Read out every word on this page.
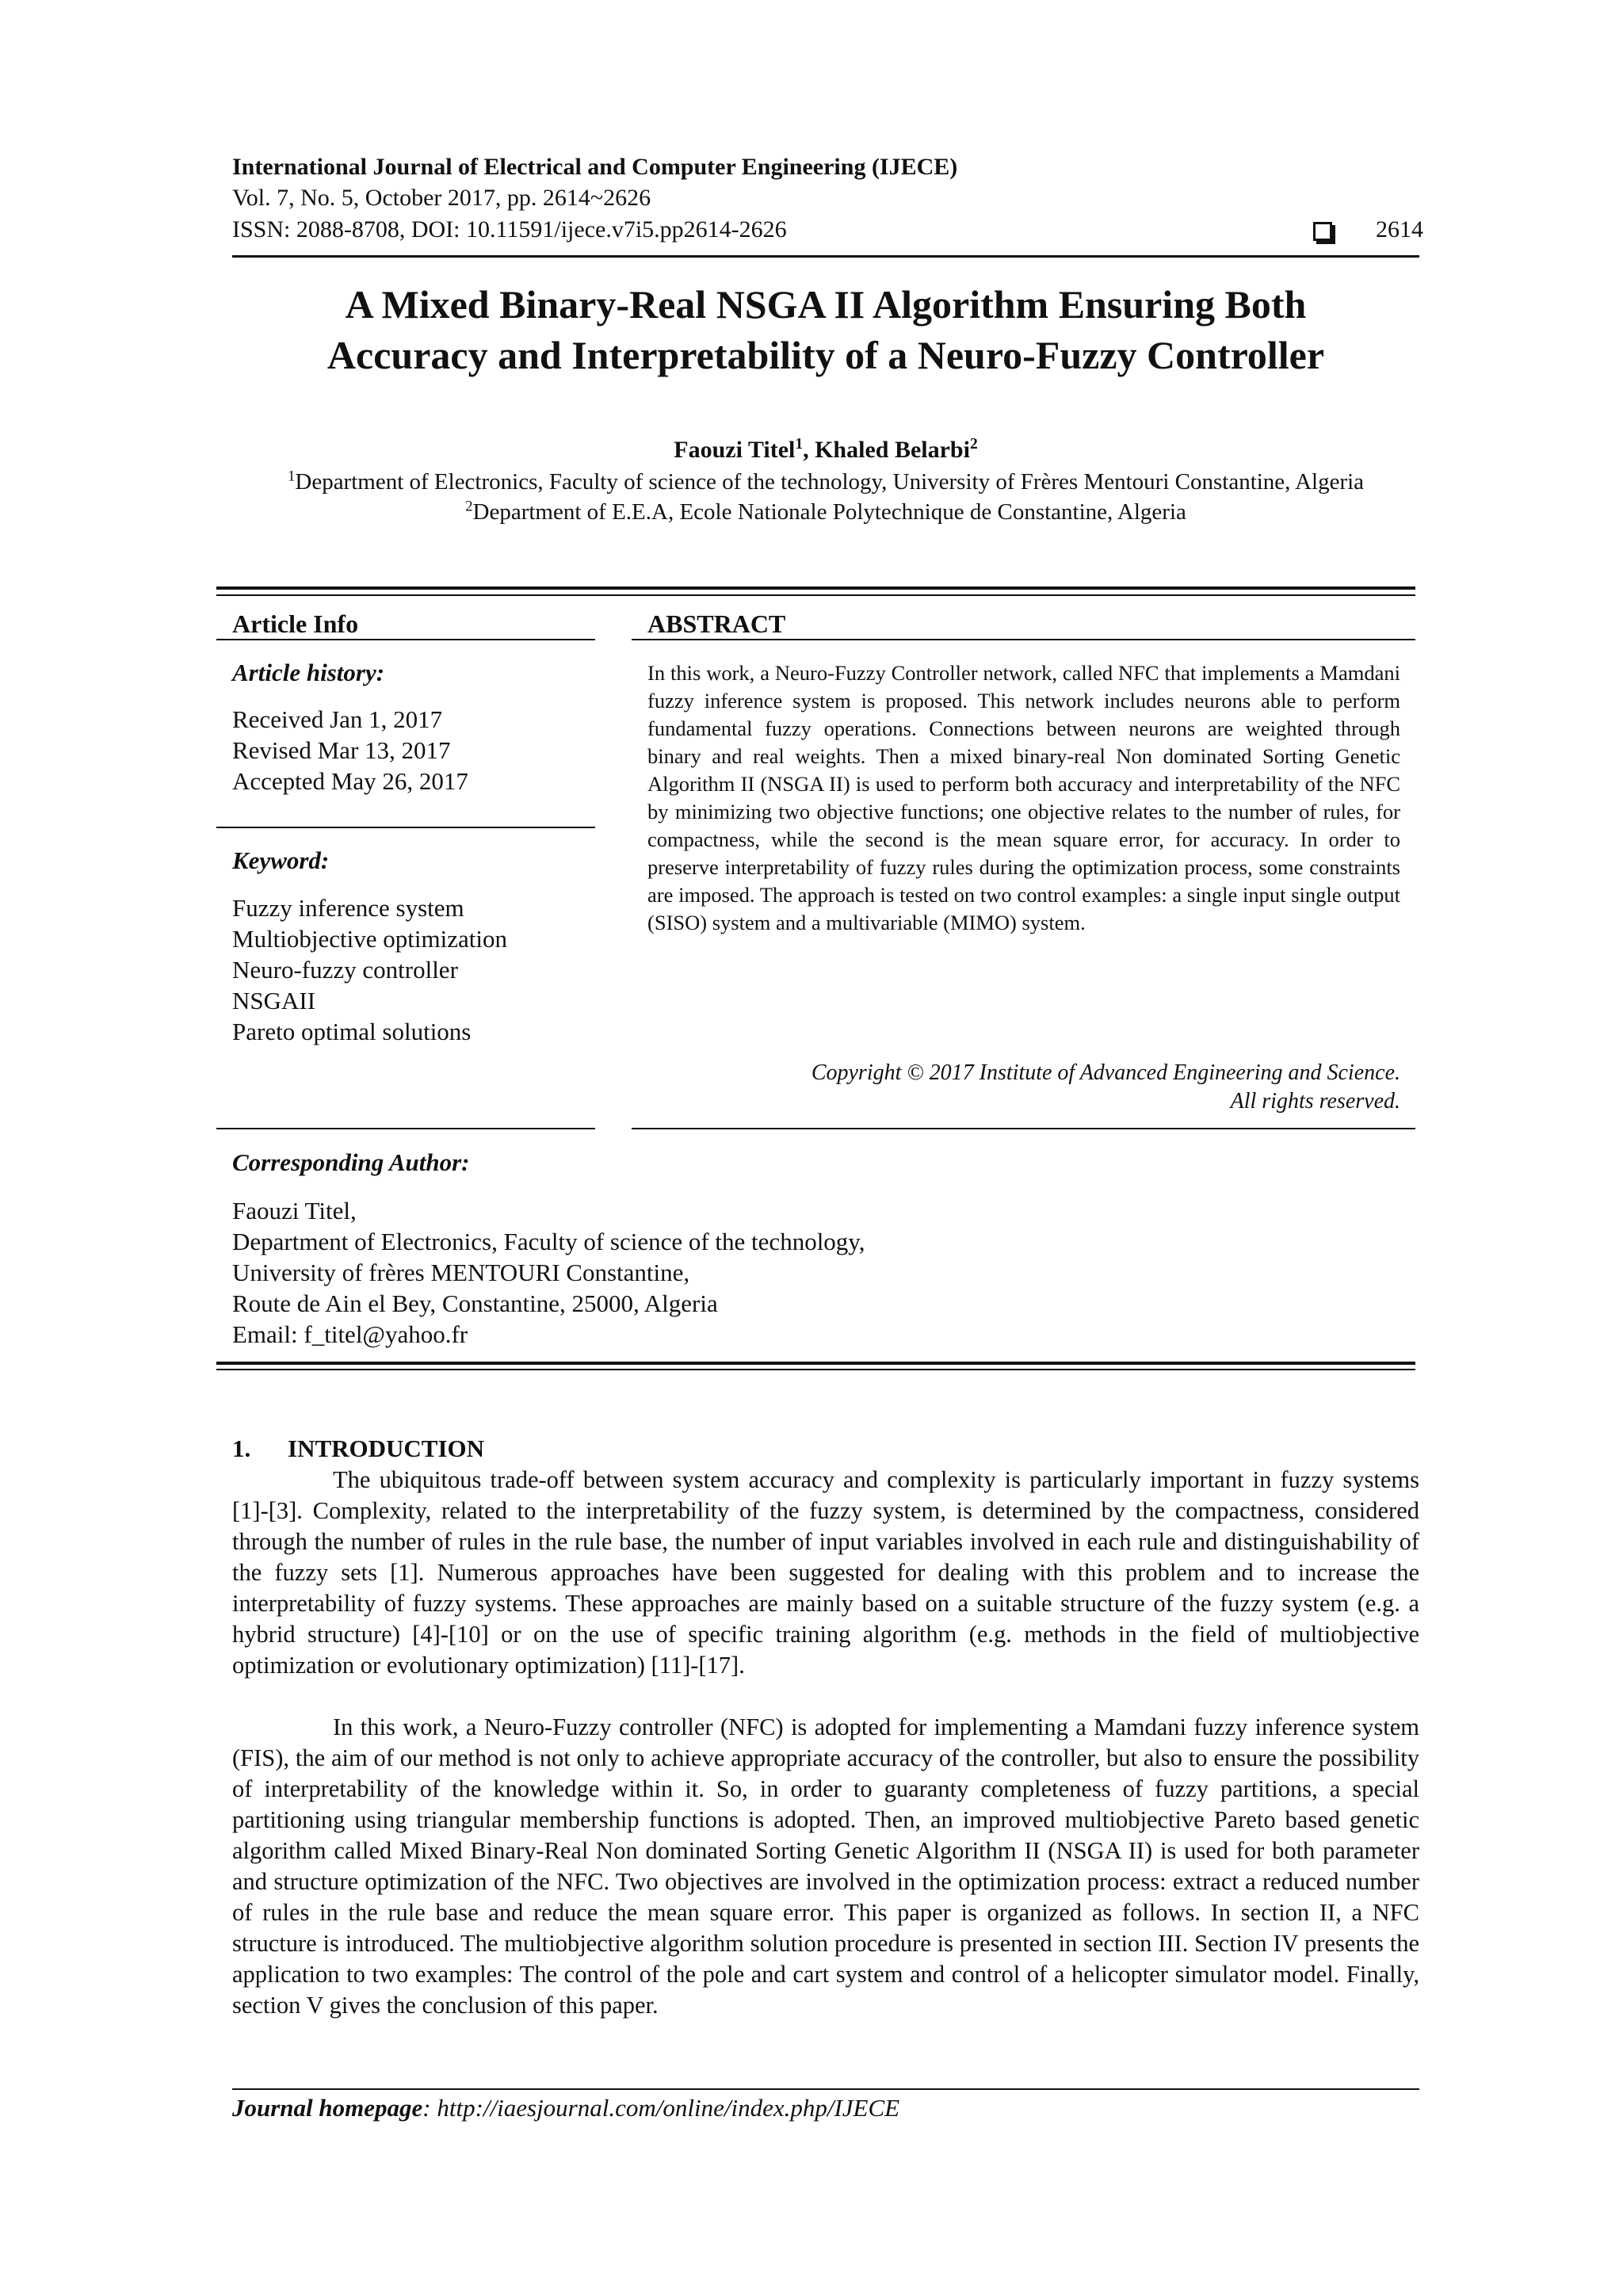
International Journal of Electrical and Computer Engineering (IJECE)
Vol. 7, No. 5, October 2017, pp. 2614~2626
ISSN: 2088-8708, DOI: 10.11591/ijece.v7i5.pp2614-2626	2614
A Mixed Binary-Real NSGA II Algorithm Ensuring Both
Accuracy and Interpretability of a Neuro-Fuzzy Controller
Faouzi Titel$^1$, Khaled Belarbi$^2$
$^1$Department of Electronics, Faculty of science of the technology, University of Frères Mentouri Constantine, Algeria
$^2$Department of E.E.A, Ecole Nationale Polytechnique de Constantine, Algeria
Article Info
Article history:
Received Jan 1, 2017
Revised Mar 13, 2017
Accepted May 26, 2017
Keyword:
Fuzzy inference system
Multiobjective optimization
Neuro-fuzzy controller
NSGAII
Pareto optimal solutions
ABSTRACT
In this work, a Neuro-Fuzzy Controller network, called NFC that implements a Mamdani fuzzy inference system is proposed. This network includes neurons able to perform fundamental fuzzy operations. Connections between neurons are weighted through binary and real weights. Then a mixed binary-real Non dominated Sorting Genetic Algorithm II (NSGA II) is used to perform both accuracy and interpretability of the NFC by minimizing two objective functions; one objective relates to the number of rules, for compactness, while the second is the mean square error, for accuracy. In order to preserve interpretability of fuzzy rules during the optimization process, some constraints are imposed. The approach is tested on two control examples: a single input single output (SISO) system and a multivariable (MIMO) system.
Copyright © 2017 Institute of Advanced Engineering and Science.
All rights reserved.
Corresponding Author:
Faouzi Titel,
Department of Electronics, Faculty of science of the technology,
University of frères MENTOURI Constantine,
Route de Ain el Bey, Constantine, 25000, Algeria
Email: f_titel@yahoo.fr
1. INTRODUCTION
The ubiquitous trade-off between system accuracy and complexity is particularly important in fuzzy systems [1]-[3]. Complexity, related to the interpretability of the fuzzy system, is determined by the compactness, considered through the number of rules in the rule base, the number of input variables involved in each rule and distinguishability of the fuzzy sets [1]. Numerous approaches have been suggested for dealing with this problem and to increase the interpretability of fuzzy systems. These approaches are mainly based on a suitable structure of the fuzzy system (e.g. a hybrid structure) [4]-[10] or on the use of specific training algorithm (e.g. methods in the field of multiobjective optimization or evolutionary optimization) [11]-[17].
In this work, a Neuro-Fuzzy controller (NFC) is adopted for implementing a Mamdani fuzzy inference system (FIS), the aim of our method is not only to achieve appropriate accuracy of the controller, but also to ensure the possibility of interpretability of the knowledge within it. So, in order to guaranty completeness of fuzzy partitions, a special partitioning using triangular membership functions is adopted. Then, an improved multiobjective Pareto based genetic algorithm called Mixed Binary-Real Non dominated Sorting Genetic Algorithm II (NSGA II) is used for both parameter and structure optimization of the NFC. Two objectives are involved in the optimization process: extract a reduced number of rules in the rule base and reduce the mean square error. This paper is organized as follows. In section II, a NFC structure is introduced. The multiobjective algorithm solution procedure is presented in section III. Section IV presents the application to two examples: The control of the pole and cart system and control of a helicopter simulator model. Finally, section V gives the conclusion of this paper.
Journal homepage: http://iaesjournal.com/online/index.php/IJECE
